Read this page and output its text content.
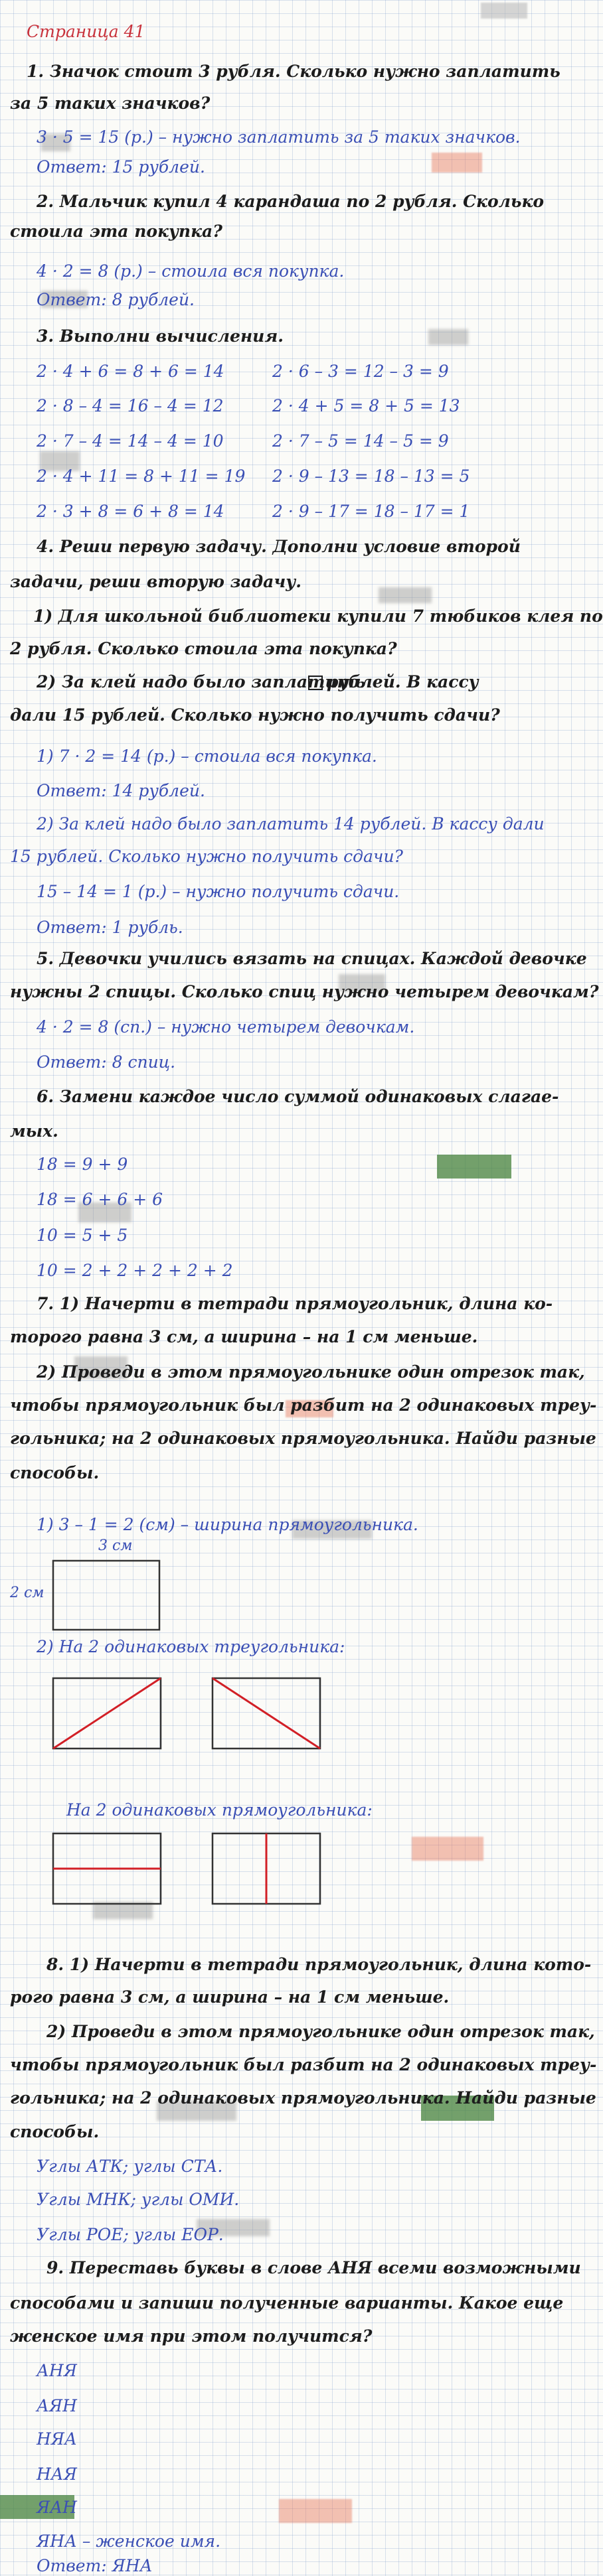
Страница 41
1. Значок стоит 3 рубля. Сколько нужно заплатить
за 5 таких значков?
3 · 5 = 15 (р.) – нужно заплатить за 5 таких значков.
Ответ: 15 рублей.
2. Мальчик купил 4 карандаша по 2 рубля. Сколько
стоила эта покупка?
4 · 2 = 8 (р.) – стоила вся покупка.
Ответ: 8 рублей.
3. Выполни вычисления.
2 · 4 + 6 = 8 + 6 = 14	2 · 6 – 3 = 12 – 3 = 9
2 · 8 – 4 = 16 – 4 = 12	2 · 4 + 5 = 8 + 5 = 13
2 · 7 – 4 = 14 – 4 = 10	2 · 7 – 5 = 14 – 5 = 9
2 · 4 + 11 = 8 + 11 = 19 2 · 9 – 13 = 18 – 13 = 5
2 · 3 + 8 = 6 + 8 = 14	2 · 9 – 17 = 18 – 17 = 1
4. Реши первую задачу. Дополни условие второй
задачи, реши вторую задачу.
1) Для школьной библиотеки купили 7 тюбиков клея по
2 рубля. Сколько стоила эта покупка?
2) За клей надо было заплатить
рублей. В кассу
дали 15 рублей. Сколько нужно получить сдачи?
1) 7 · 2 = 14 (р.) – стоила вся покупка.
Ответ: 14 рублей.
2) За клей надо было заплатить 14 рублей. В кассу дали
15 рублей. Сколько нужно получить сдачи?
15 – 14 = 1 (р.) – нужно получить сдачи.
Ответ: 1 рубль.
5. Девочки учились вязать на спицах. Каждой девочке
нужны 2 спицы. Сколько спиц нужно четырем девочкам?
4 · 2 = 8 (сп.) – нужно четырем девочкам.
Ответ: 8 спиц.
6. Замени каждое число суммой одинаковых слагае-
мых.
18 = 9 + 9
18 = 6 + 6 + 6
10 = 5 + 5
10 = 2 + 2 + 2 + 2 + 2
7. 1) Начерти в тетради прямоугольник, длина ко-
торого равна 3 см, а ширина – на 1 см меньше.
2) Проведи в этом прямоугольнике один отрезок так,
чтобы прямоугольник был разбит на 2 одинаковых треу-
гольника; на 2 одинаковых прямоугольника. Найди разные
способы.
1) 3 – 1 = 2 (см) – ширина прямоугольника.
3 см
2 см
2) На 2 одинаковых треугольника:
На 2 одинаковых прямоугольника:
8. 1) Начерти в тетради прямоугольник, длина кото-
рого равна 3 см, а ширина – на 1 см меньше.
2) Проведи в этом прямоугольнике один отрезок так,
чтобы прямоугольник был разбит на 2 одинаковых треу-
гольника; на 2 одинаковых прямоугольника. Найди разные
способы.
Углы АТК; углы СТА.
Углы МНК; углы ОМИ.
Углы РОЕ; углы ЕОР.
9. Переставь буквы в слове АНЯ всеми возможными
способами и запиши полученные варианты. Какое еще
женское имя при этом получится?
АНЯ
АЯН
НЯА
НАЯ
ЯАН
ЯНА – женское имя.
Ответ: ЯНА
